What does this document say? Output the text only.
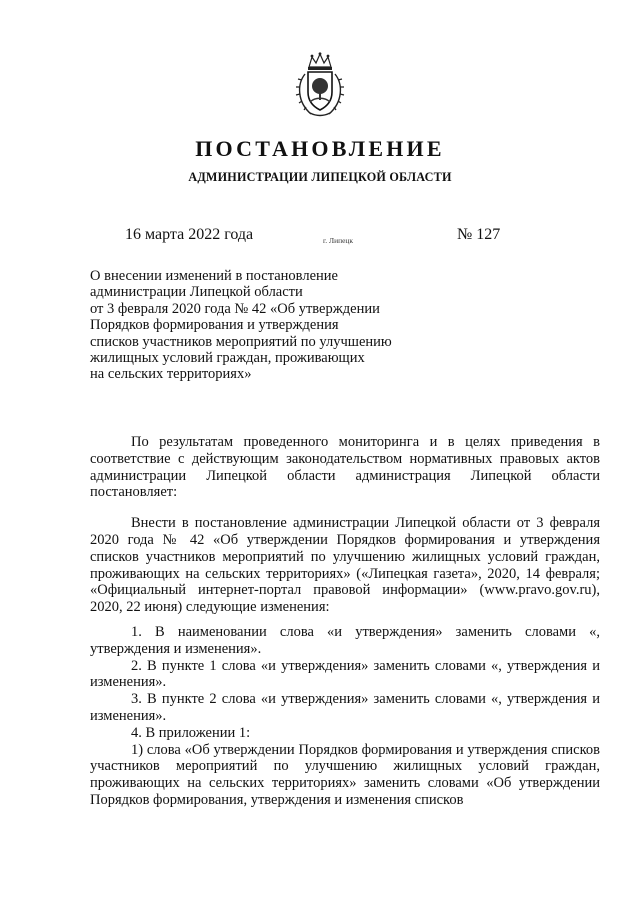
ПОСТАНОВЛЕНИЕ
АДМИНИСТРАЦИИ ЛИПЕЦКОЙ ОБЛАСТИ
16 марта 2022 года	г. Липецк	№ 127
О внесении изменений в постановление
администрации Липецкой области
от 3 февраля 2020 года № 42 «Об утверждении
Порядков формирования и утверждения
списков участников мероприятий по улучшению
жилищных условий граждан, проживающих
на сельских территориях»

По результатам проведенного мониторинга и в целях приведения в соответствие с действующим законодательством нормативных правовых актов администрации Липецкой области администрация Липецкой области постановляет:

Внести в постановление администрации Липецкой области от 3 февраля 2020 года № 42 «Об утверждении Порядков формирования и утверждения списков участников мероприятий по улучшению жилищных условий граждан, проживающих на сельских территориях» («Липецкая газета», 2020, 14 февраля; «Официальный интернет-портал правовой информации» (www.pravo.gov.ru), 2020, 22 июня) следующие изменения:

1. В наименовании слова «и утверждения» заменить словами «, утверждения и изменения».

2. В пункте 1 слова «и утверждения» заменить словами «, утверждения и изменения».

3. В пункте 2 слова «и утверждения» заменить словами «, утверждения и изменения».

4. В приложении 1:

1) слова «Об утверждении Порядков формирования и утверждения списков участников мероприятий по улучшению жилищных условий граждан, проживающих на сельских территориях» заменить словами «Об утверждении Порядков формирования, утверждения и изменения списков
